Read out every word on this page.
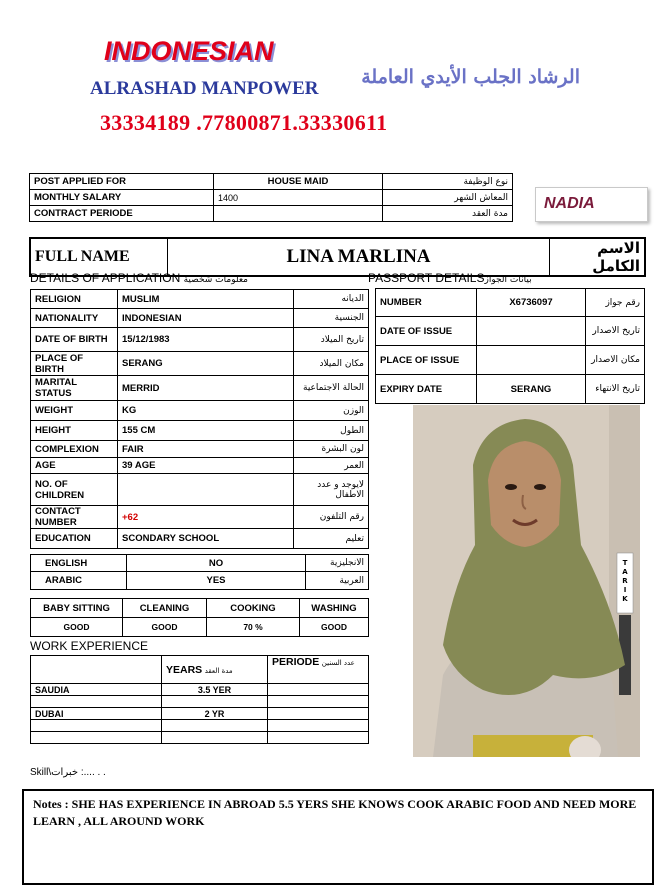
INDONESIAN
ALRASHAD MANPOWER
الرشاد الجلب الأيدي العاملة
33334189 .77800871.33330611
POST APPLIED FOR	HOUSE MAID	نوع الوظيفة
MONTHLY SALARY	1400	المعاش الشهر
CONTRACT PERIODE		مدة العقد
NADIA
FULL NAME	LINA MARLINA	الاسم الكامل
DETAILS OF APPLICATION معلومات شخصية	PASSPORT DETAILSبيانات الجواز
RELIGION	MUSLIM	الديانه
NATIONALITY	INDONESIAN	الجنسية
DATE OF BIRTH	15/12/1983	تاريخ الميلاد
PLACE OF BIRTH	SERANG	مكان الميلاد
MARITAL STATUS	MERRID	الحالة الاجتماعية
WEIGHT	KG	الوزن
HEIGHT	155 CM	الطول
COMPLEXION	FAIR	لون البشرة
AGE	39 AGE	العمر
NO. OF CHILDREN		لايوجد و عدد الاطفال
CONTACT NUMBER	+62	رقم التلفون
EDUCATION	SCONDARY SCHOOL	تعليم
ENGLISH	NO	الانجليزية
ARABIC	YES	العربية
BABY SITTING	CLEANING	COOKING	WASHING
GOOD	GOOD	70 %	GOOD
WORK EXPERIENCE
	YEARS مدة العقد	PERIODE عدد السنين
SAUDIA	3.5 YER	

DUBAI	2 YR	

NUMBER	X6736097	رقم جواز
DATE OF ISSUE		تاريخ الاصدار
PLACE OF ISSUE		مكان الاصدار
EXPIRY DATE	SERANG	تاريخ الانتهاء
T A R I K
Skill\خبرات :.... . .
Notes : SHE HAS EXPERIENCE IN ABROAD 5.5 YERS SHE KNOWS COOK ARABIC FOOD AND NEED MORE LEARN , ALL AROUND WORK
